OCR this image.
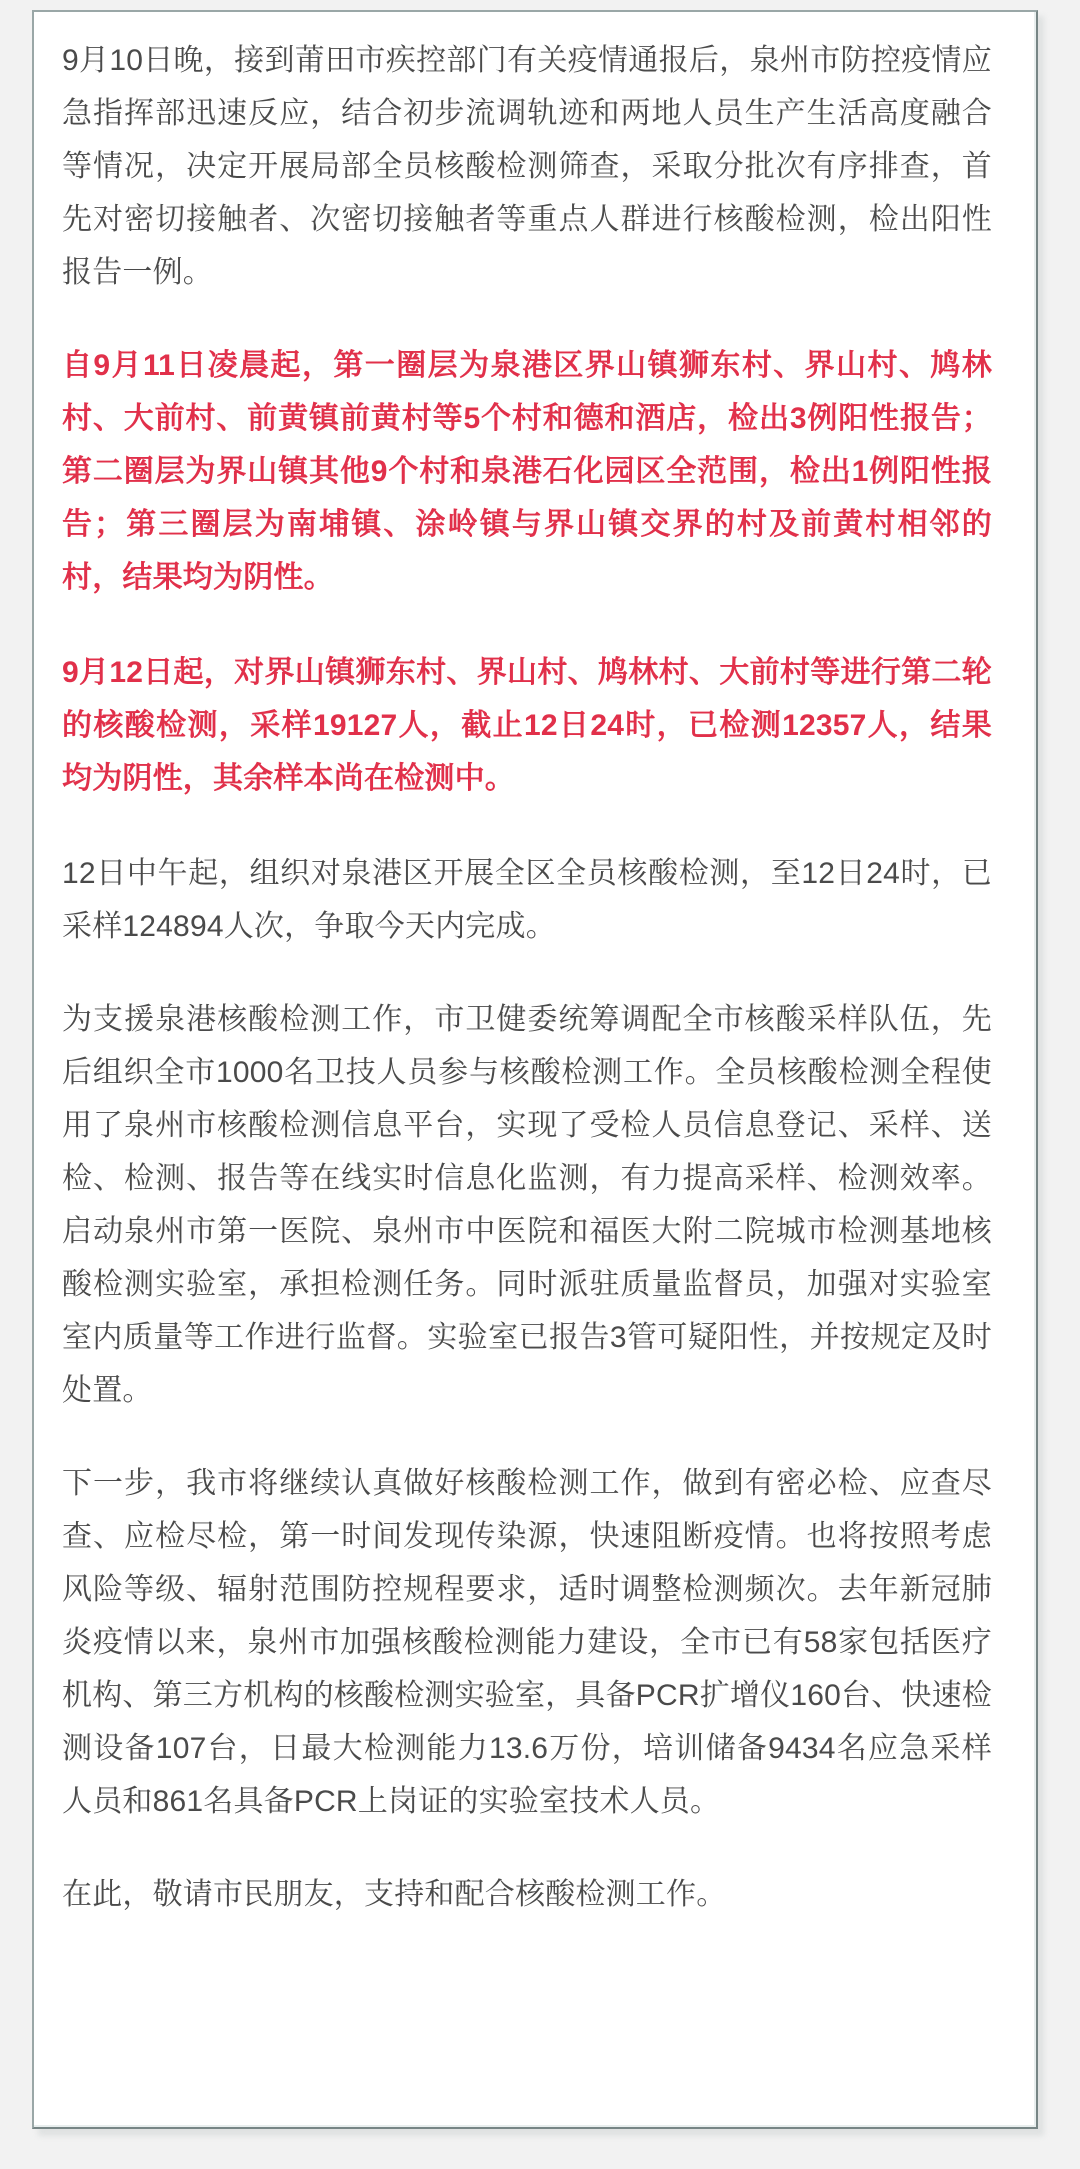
9月10日晚，接到莆田市疾控部门有关疫情通报后，泉州市防控疫情应急指挥部迅速反应，结合初步流调轨迹和两地人员生产生活高度融合等情况，决定开展局部全员核酸检测筛查，采取分批次有序排查，首先对密切接触者、次密切接触者等重点人群进行核酸检测，检出阳性报告一例。

自9月11日凌晨起，第一圈层为泉港区界山镇狮东村、界山村、鸠林村、大前村、前黄镇前黄村等5个村和德和酒店，检出3例阳性报告；第二圈层为界山镇其他9个村和泉港石化园区全范围，检出1例阳性报告；第三圈层为南埔镇、涂岭镇与界山镇交界的村及前黄村相邻的村，结果均为阴性。

9月12日起，对界山镇狮东村、界山村、鸠林村、大前村等进行第二轮的核酸检测，采样19127人，截止12日24时，已检测12357人，结果均为阴性，其余样本尚在检测中。

12日中午起，组织对泉港区开展全区全员核酸检测，至12日24时，已采样124894人次，争取今天内完成。

为支援泉港核酸检测工作，市卫健委统筹调配全市核酸采样队伍，先后组织全市1000名卫技人员参与核酸检测工作。全员核酸检测全程使用了泉州市核酸检测信息平台，实现了受检人员信息登记、采样、送检、检测、报告等在线实时信息化监测，有力提高采样、检测效率。启动泉州市第一医院、泉州市中医院和福医大附二院城市检测基地核酸检测实验室，承担检测任务。同时派驻质量监督员，加强对实验室室内质量等工作进行监督。实验室已报告3管可疑阳性，并按规定及时处置。

下一步，我市将继续认真做好核酸检测工作，做到有密必检、应查尽查、应检尽检，第一时间发现传染源，快速阻断疫情。也将按照考虑风险等级、辐射范围防控规程要求，适时调整检测频次。去年新冠肺炎疫情以来，泉州市加强核酸检测能力建设，全市已有58家包括医疗机构、第三方机构的核酸检测实验室，具备PCR扩增仪160台、快速检测设备107台，日最大检测能力13.6万份，培训储备9434名应急采样人员和861名具备PCR上岗证的实验室技术人员。

在此，敬请市民朋友，支持和配合核酸检测工作。
